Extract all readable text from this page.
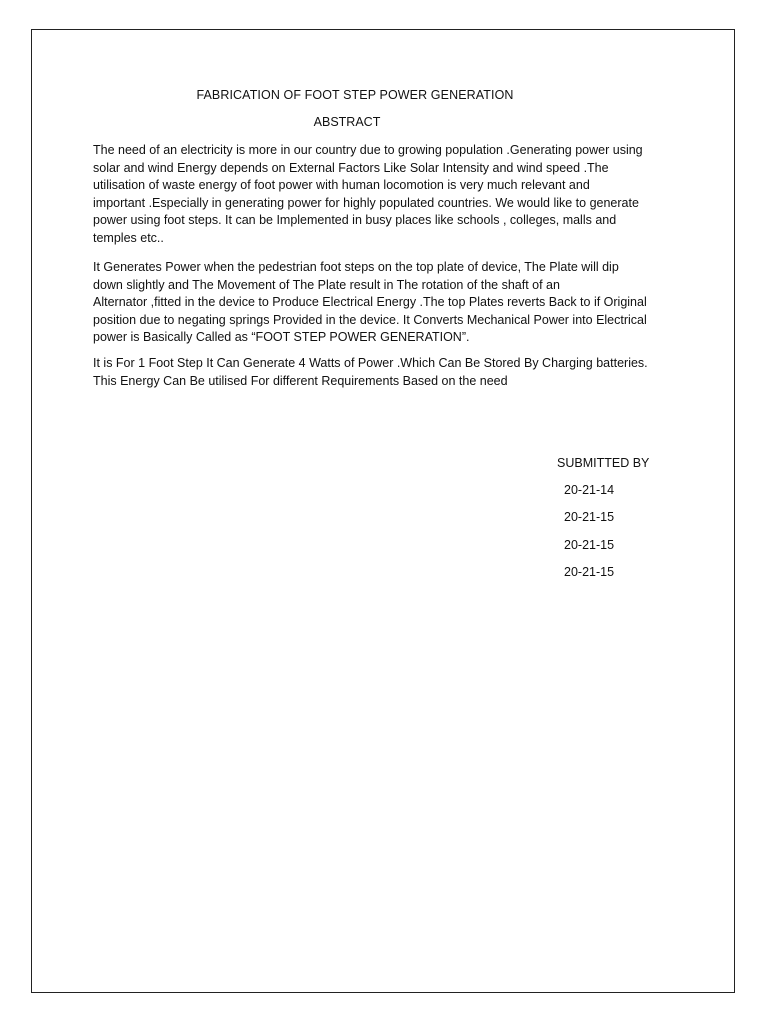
FABRICATION OF FOOT STEP POWER GENERATION
ABSTRACT
The need of an electricity is more in our country due to growing population .Generating power using
solar and wind Energy depends on External Factors Like Solar Intensity and wind speed .The
utilisation of waste energy of foot power with human locomotion is very much relevant and
important .Especially in generating power for highly populated countries. We would like to generate
power using foot steps. It can be Implemented in busy places like schools , colleges, malls and
temples etc..
It Generates Power when the pedestrian foot steps on the top plate of device, The Plate will dip
down slightly and The Movement of The Plate result in The rotation of the shaft of an
Alternator ,fitted in the device to Produce Electrical Energy .The top Plates reverts Back to if Original
position due to negating springs Provided in the device. It Converts Mechanical Power into Electrical
power is Basically Called as “FOOT STEP POWER GENERATION”.
It is For 1 Foot Step It Can Generate 4 Watts of Power .Which Can Be Stored By Charging batteries.
This Energy Can Be utilised For different Requirements Based on the need
SUBMITTED BY
20-21-14
20-21-15
20-21-15
20-21-15
